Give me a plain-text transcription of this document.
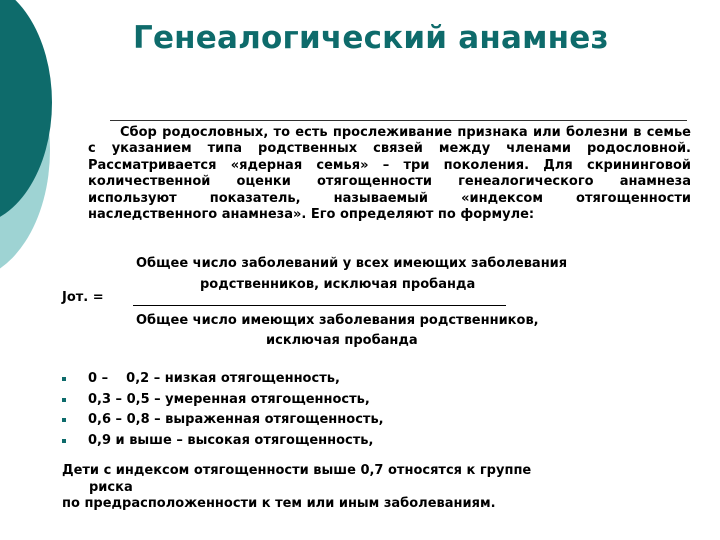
Генеалогический анамнез

Сбор родословных, то есть прослеживание признака или болезни в семье с указанием типа родственных связей между членами родословной. Рассматривается «ядерная семья» – три поколения. Для скрининговой количественной оценки отягощенности генеалогического анамнеза используют показатель, называемый «индексом отягощенности наследственного анамнеза». Его определяют по формуле:

Общее число заболеваний у всех имеющих заболевания
родственников, исключая пробанда
Jот. =
Общее число имеющих заболевания родственников,
исключая пробанда
0 –    0,2 – низкая отягощенность,
0,3 – 0,5 – умеренная отягощенность,
0,6 – 0,8 – выраженная отягощенность,
0,9 и выше – высокая отягощенность,
Дети с индексом отягощенности выше 0,7 относятся к группе
риска
по предрасположенности к тем или иным заболеваниям.
